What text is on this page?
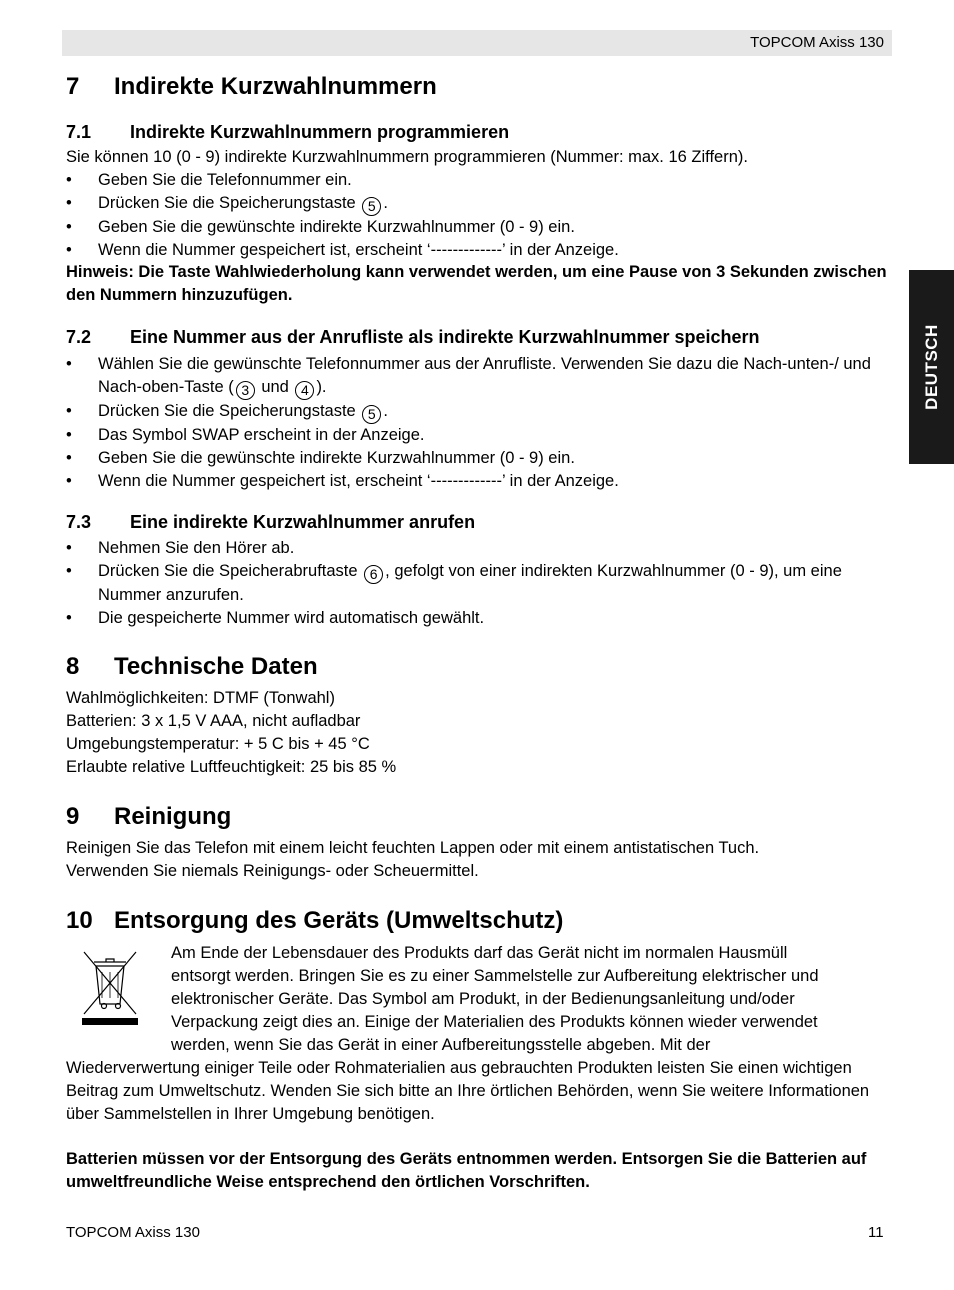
TOPCOM Axiss 130
DEUTSCH
7 Indirekte Kurzwahlnummern
7.1 Indirekte Kurzwahlnummern programmieren
Sie können 10 (0 - 9) indirekte Kurzwahlnummern programmieren (Nummer: max. 16 Ziffern).
• Geben Sie die Telefonnummer ein.
• Drücken Sie die Speicherungstaste 5 .
• Geben Sie die gewünschte indirekte Kurzwahlnummer (0 - 9) ein.
• Wenn die Nummer gespeichert ist, erscheint ‘-------------’ in der Anzeige.
Hinweis: Die Taste Wahlwiederholung kann verwendet werden, um eine Pause von 3 Sekunden zwischen den Nummern hinzuzufügen.
7.2 Eine Nummer aus der Anrufliste als indirekte Kurzwahlnummer speichern
• Wählen Sie die gewünschte Telefonnummer aus der Anrufliste. Verwenden Sie dazu die Nach-unten-/ und Nach-oben-Taste ( 3 und 4 ).
• Drücken Sie die Speicherungstaste 5 .
• Das Symbol SWAP erscheint in der Anzeige.
• Geben Sie die gewünschte indirekte Kurzwahlnummer (0 - 9) ein.
• Wenn die Nummer gespeichert ist, erscheint ‘-------------’ in der Anzeige.
7.3 Eine indirekte Kurzwahlnummer anrufen
• Nehmen Sie den Hörer ab.
• Drücken Sie die Speicherabruftaste 6 , gefolgt von einer indirekten Kurzwahlnummer (0 - 9), um eine Nummer anzurufen.
• Die gespeicherte Nummer wird automatisch gewählt.
8 Technische Daten
Wahlmöglichkeiten: DTMF (Tonwahl)
Batterien: 3 x 1,5 V AAA, nicht aufladbar
Umgebungstemperatur: + 5 C bis + 45 °C
Erlaubte relative Luftfeuchtigkeit: 25 bis 85 %
9 Reinigung
Reinigen Sie das Telefon mit einem leicht feuchten Lappen oder mit einem antistatischen Tuch.
Verwenden Sie niemals Reinigungs- oder Scheuermittel.
10 Entsorgung des Geräts (Umweltschutz)
Am Ende der Lebensdauer des Produkts darf das Gerät nicht im normalen Hausmüll
entsorgt werden. Bringen Sie es zu einer Sammelstelle zur Aufbereitung elektrischer und
elektronischer Geräte. Das Symbol am Produkt, in der Bedienungsanleitung und/oder
Verpackung zeigt dies an. Einige der Materialien des Produkts können wieder verwendet
werden, wenn Sie das Gerät in einer Aufbereitungsstelle abgeben. Mit der
Wiederverwertung einiger Teile oder Rohmaterialien aus gebrauchten Produkten leisten Sie einen wichtigen Beitrag zum Umweltschutz. Wenden Sie sich bitte an Ihre örtlichen Behörden, wenn Sie weitere Informationen über Sammelstellen in Ihrer Umgebung benötigen.
Batterien müssen vor der Entsorgung des Geräts entnommen werden. Entsorgen Sie die Batterien auf umweltfreundliche Weise entsprechend den örtlichen Vorschriften.
TOPCOM Axiss 130	11
